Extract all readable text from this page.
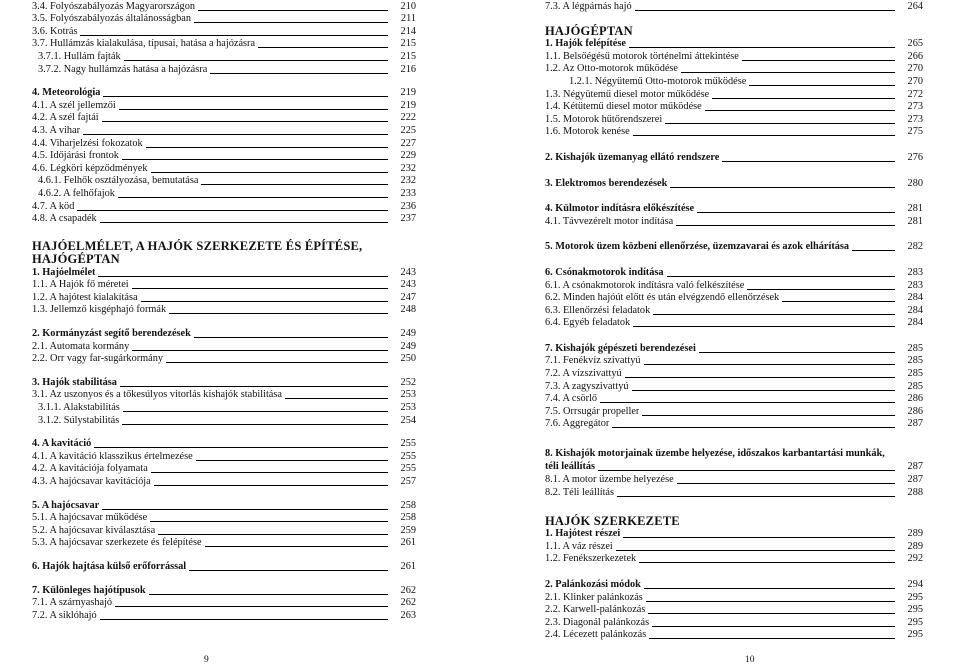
3.4. Folyószabályozás Magyarországon	210
3.5. Folyószabályozás általánosságban	211
3.6. Kotrás	214
3.7. Hullámzás kialakulása, típusai, hatása a hajózásra	215
3.7.1. Hullám fajták	215
3.7.2. Nagy hullámzás hatása a hajózásra	216
4. Meteorológia	219
4.1. A szél jellemzői	219
4.2. A szél fajtái	222
4.3. A vihar	225
4.4. Viharjelzési fokozatok	227
4.5. Időjárási frontok	229
4.6. Légköri képződmények	232
4.6.1. Felhők osztályozása, bemutatása	232
4.6.2. A felhőfajok	233
4.7. A köd	236
4.8. A csapadék	237
HAJÓELMÉLET, A HAJÓK SZERKEZETE ÉS ÉPÍTÉSE,
HAJÓGÉPTAN
1. Hajóelmélet	243
1.1. A Hajók fő méretei	243
1.2. A hajótest kialakítása	247
1.3. Jellemző kisgéphajó formák	248
2. Kormányzást segítő berendezések	249
2.1. Automata kormány	249
2.2. Orr vagy far-sugárkormány	250
3. Hajók stabilitása	252
3.1. Az uszonyos és a tőkesúlyos vitorlás kishajók stabilitása	253
3.1.1. Alakstabilitás	253
3.1.2. Súlystabilitás	254
4. A kavitáció	255
4.1. A kavitáció klasszikus értelmezése	255
4.2. A kavitációja folyamata	255
4.3. A hajócsavar kavitációja	257
5. A hajócsavar	258
5.1. A hajócsavar működése	258
5.2. A hajócsavar kiválasztása	259
5.3. A hajócsavar szerkezete és felépítése	261
6. Hajók hajtása külső erőforrással	261
7. Különleges hajótípusok	262
7.1. A szárnyashajó	262
7.2. A siklóhajó	263
9
7.3. A légpárnás hajó	264
HAJÓGÉPTAN
1. Hajók felépítése	265
1.1. Belsőégésű motorok történelmi áttekintése	266
1.2. Az Otto-motorok működése	270
1.2.1. Négyütemű Otto-motorok működése	270
1.3. Négyütemű diesel motor működése	272
1.4. Kétütemű diesel motor működése	273
1.5. Motorok hűtőrendszerei	273
1.6. Motorok kenése	275
2. Kishajók üzemanyag ellátó rendszere	276
3. Elektromos berendezések	280
4. Külmotor indításra előkészítése	281
4.1. Távvezérelt motor indítása	281
5. Motorok üzem közbeni ellenőrzése, üzemzavarai és azok elhárítása	282
6. Csónakmotorok indítása	283
6.1. A csónakmotorok indításra való felkészítése	283
6.2. Minden hajóút előtt és után elvégzendő ellenőrzések	284
6.3. Ellenőrzési feladatok	284
6.4. Egyéb feladatok	284
7. Kishajók gépészeti berendezései	285
7.1. Fenékvíz szivattyú	285
7.2. A vízszivattyú	285
7.3. A zagyszivattyú	285
7.4. A csörlő	286
7.5. Orrsugár propeller	286
7.6. Aggregátor	287
8. Kishajók motorjainak üzembe helyezése, időszakos karbantartási munkák,
téli leállítás	287
8.1. A motor üzembe helyezése	287
8.2. Téli leállítás	288
HAJÓK SZERKEZETE
1. Hajótest részei	289
1.1. A váz részei	289
1.2. Fenékszerkezetek	292
2. Palánkozási módok	294
2.1. Klinker palánkozás	295
2.2. Karwell-palánkozás	295
2.3. Diagonál palánkozás	295
2.4. Lécezett palánkozás	295
10
